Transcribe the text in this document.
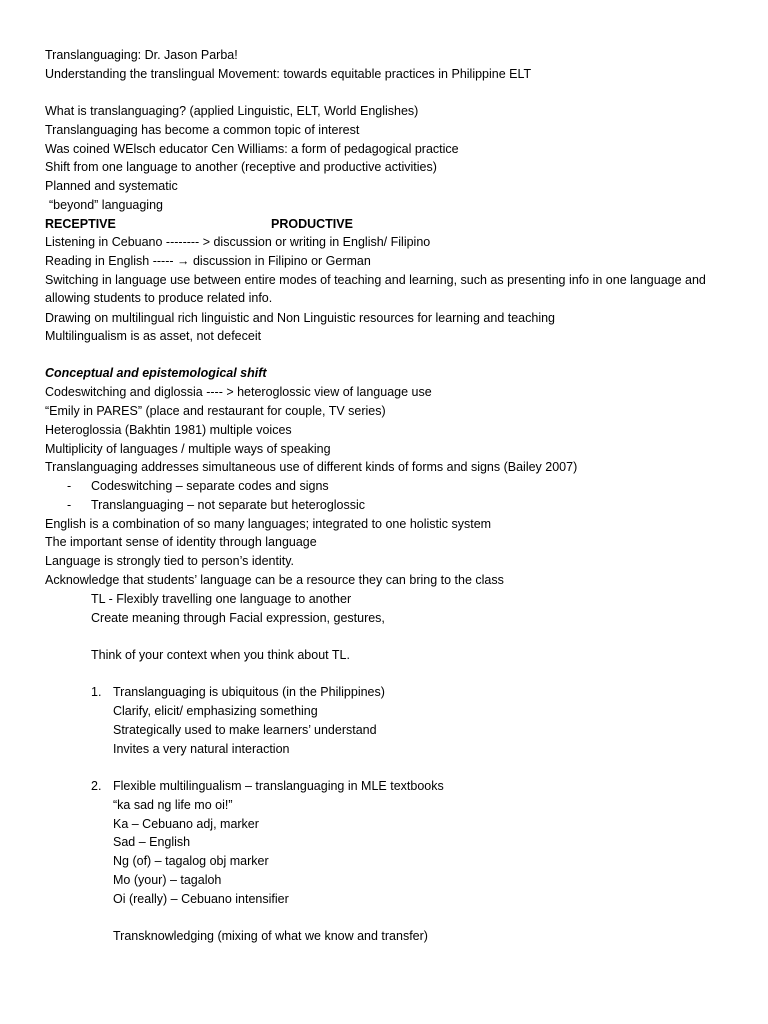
Translanguaging: Dr. Jason Parba!
Understanding the translingual Movement: towards equitable practices in Philippine ELT
What is translanguaging? (applied Linguistic, ELT, World Englishes)
Translanguaging has become a common topic of interest
Was coined WElsch educator Cen Williams: a form of pedagogical practice
Shift from one language to another (receptive and productive activities)
Planned and systematic
“beyond” languaging
RECEPTIVE	PRODUCTIVE
Listening in Cebuano -------- > discussion or writing in English/ Filipino
Reading in English ----- → discussion in Filipino or German
Switching in language use between entire modes of teaching and learning, such as presenting info in one language and allowing students to produce related info.
Drawing on multilingual rich linguistic and Non Linguistic resources for learning and teaching
Multilingualism is as asset, not defeceit
Conceptual and epistemological shift
Codeswitching and diglossia ---- > heteroglossic view of language use
“Emily in PARES” (place and restaurant for couple, TV series)
Heteroglossia (Bakhtin 1981) multiple voices
Multiplicity of languages / multiple ways of speaking
Translanguaging addresses simultaneous use of different kinds of forms and signs (Bailey 2007)
- Codeswitching – separate codes and signs
- Translanguaging – not separate but heteroglossic
English is a combination of so many languages; integrated to one holistic system
The important sense of identity through language
Language is strongly tied to person’s identity.
Acknowledge that students’ language can be a resource they can bring to the class
TL - Flexibly travelling one language to another
Create meaning through Facial expression, gestures,
Think of your context when you think about TL.
1. Translanguaging is ubiquitous (in the Philippines)
Clarify, elicit/ emphasizing something
Strategically used to make learners’ understand
Invites a very natural interaction
2. Flexible multilingualism – translanguaging in MLE textbooks
“ka sad ng life mo oi!”
Ka – Cebuano adj, marker
Sad – English
Ng (of) – tagalog obj marker
Mo (your) – tagaloh
Oi (really) – Cebuano intensifier
Transknowledging (mixing of what we know and transfer)
